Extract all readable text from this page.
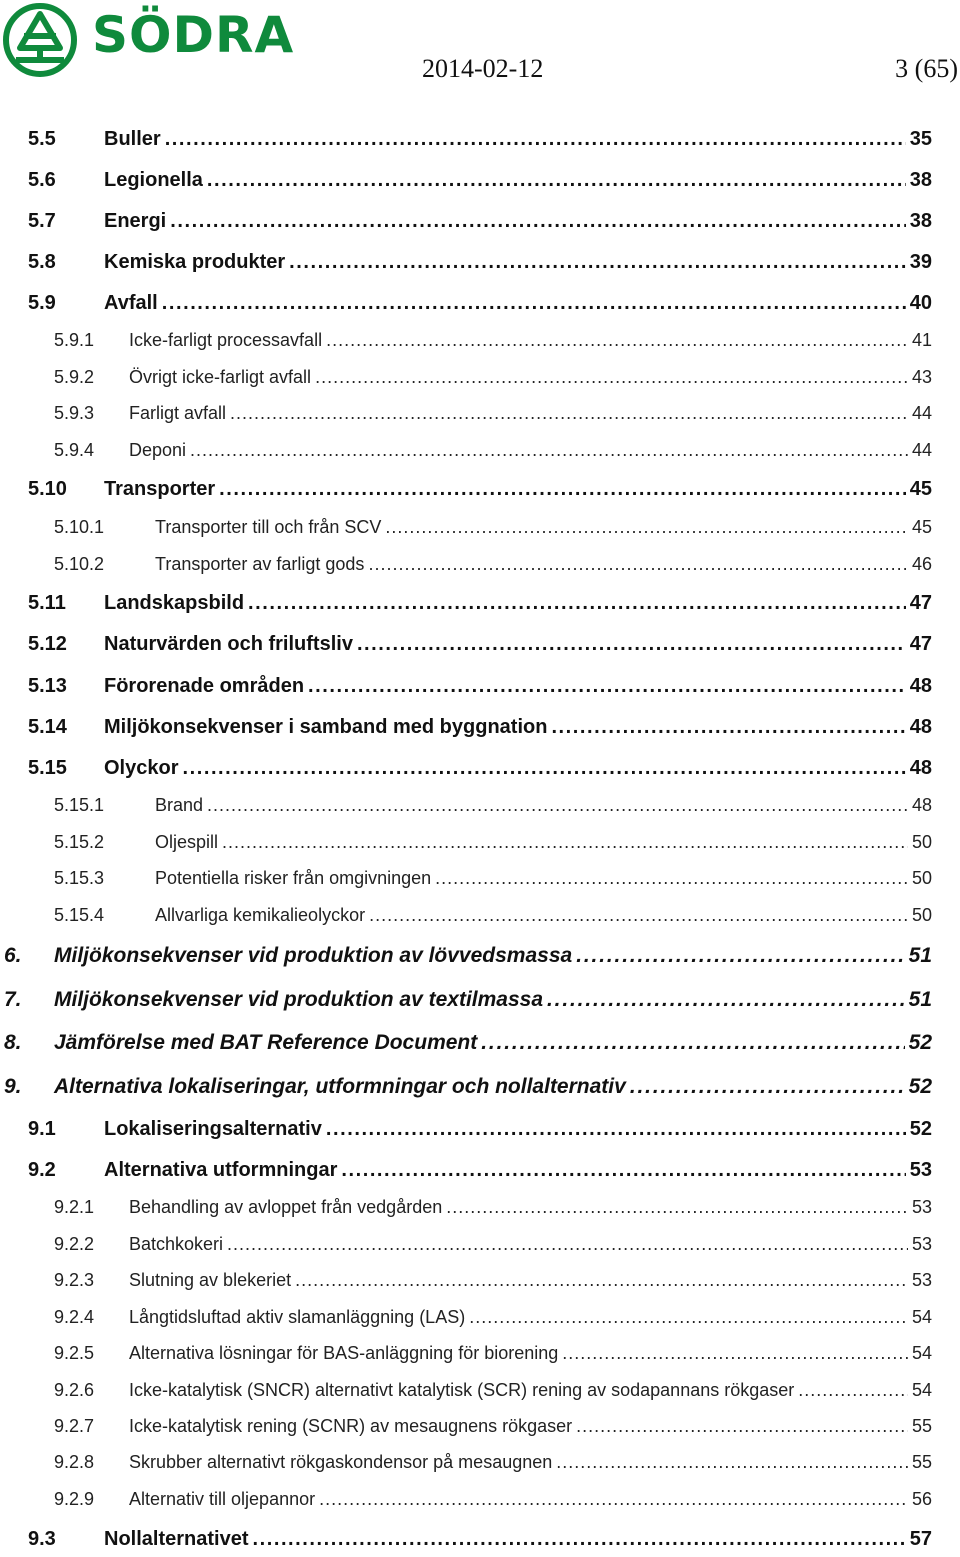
SÖDRA
2014-02-12	3 (65)
5.5 Buller . . .	35
5.6 Legionella . . .	38
5.7 Energi . . .	38
5.8 Kemiska produkter . . .	39
5.9 Avfall . . .	40
5.9.1 Icke-farligt processavfall . . .	41
5.9.2 Övrigt icke-farligt avfall . . .	43
5.9.3 Farligt avfall . . .	44
5.9.4 Deponi . . .	44
5.10 Transporter . . .	45
5.10.1	Transporter till och från SCV . . .	45
5.10.2	Transporter av farligt gods . . .	46
5.11 Landskapsbild . . .	47
5.12 Naturvärden och friluftsliv . . .	47
5.13 Förorenade områden . . .	48
5.14 Miljökonsekvenser i samband med byggnation . . .	48
5.15 Olyckor . . .	48
5.15.1	Brand . . .	48
5.15.2	Oljespill . . .	50
5.15.3	Potentiella risker från omgivningen . . .	50
5.15.4	Allvarliga kemikalieolyckor . . .	50
6. Miljökonsekvenser vid produktion av lövvedsmassa . . .	51
7. Miljökonsekvenser vid produktion av textilmassa . . .	51
8. Jämförelse med BAT Reference Document . . .	52
9. Alternativa lokaliseringar, utformningar och nollalternativ . . .	52
9.1 Lokaliseringsalternativ . . .	52
9.2 Alternativa utformningar . . .	53
9.2.1 Behandling av avloppet från vedgården . . .	53
9.2.2 Batchkokeri . . .	53
9.2.3 Slutning av blekeriet . . .	53
9.2.4 Långtidsluftad aktiv slamanläggning (LAS) . . .	54
9.2.5 Alternativa lösningar för BAS-anläggning för biorening . . .	54
9.2.6 Icke-katalytisk (SNCR) alternativt katalytisk (SCR) rening av sodapannans rökgaser . . .	54
9.2.7 Icke-katalytisk rening (SCNR) av mesaugnens rökgaser . . .	55
9.2.8 Skrubber alternativt rökgaskondensor på mesaugnen . . .	55
9.2.9 Alternativ till oljepannor . . .	56
9.3 Nollalternativet . . .	57
